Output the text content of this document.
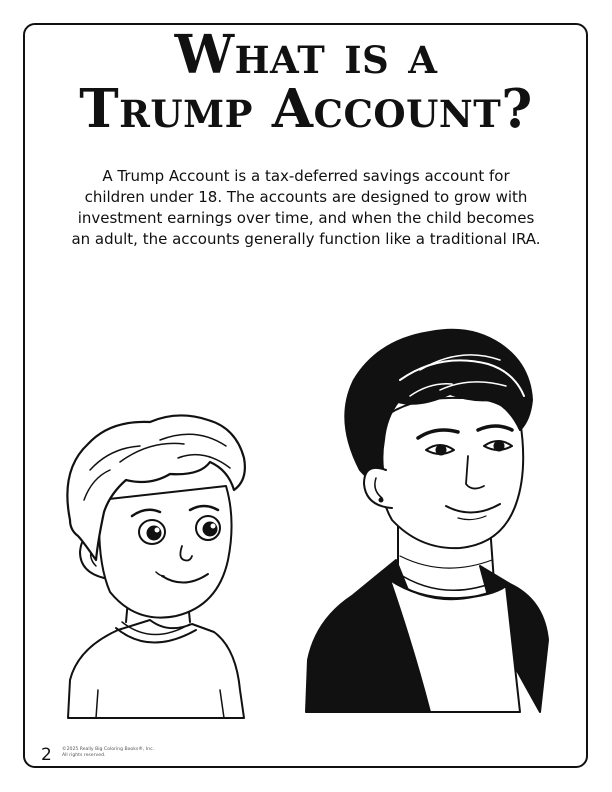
What is a
Trump Account?

A Trump Account is a tax-deferred savings account for
children under 18. The accounts are designed to grow with
investment earnings over time, and when the child becomes
an adult, the accounts generally function like a traditional IRA.

2 ©2025 Really Big Coloring Books®, Inc.
All rights reserved.
